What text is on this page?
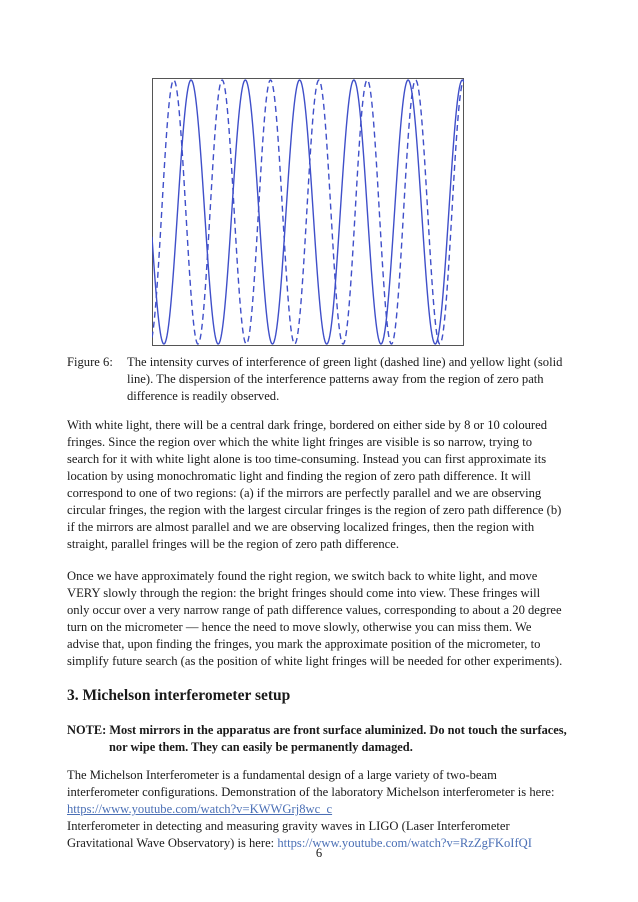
Figure 6: The intensity curves of interference of green light (dashed line) and yellow light (solid line). The dispersion of the interference patterns away from the region of zero path difference is readily observed.

With white light, there will be a central dark fringe, bordered on either side by 8 or 10 coloured fringes. Since the region over which the white light fringes are visible is so narrow, trying to search for it with white light alone is too time-consuming. Instead you can first approximate its location by using monochromatic light and finding the region of zero path difference. It will correspond to one of two regions: (a) if the mirrors are perfectly parallel and we are observing circular fringes, the region with the largest circular fringes is the region of zero path difference (b) if the mirrors are almost parallel and we are observing localized fringes, then the region with straight, parallel fringes will be the region of zero path difference.

Once we have approximately found the right region, we switch back to white light, and move VERY slowly through the region: the bright fringes should come into view. These fringes will only occur over a very narrow range of path difference values, corresponding to about a 20 degree turn on the micrometer — hence the need to move slowly, otherwise you can miss them. We advise that, upon finding the fringes, you mark the approximate position of the micrometer, to simplify future search (as the position of white light fringes will be needed for other experiments).

3. Michelson interferometer setup
NOTE: Most mirrors in the apparatus are front surface aluminized. Do not touch the surfaces,
nor wipe them. They can easily be permanently damaged.

The Michelson Interferometer is a fundamental design of a large variety of two-beam interferometer configurations. Demonstration of the laboratory Michelson interferometer is here: https://www.youtube.com/watch?v=KWWGrj8wc_c
Interferometer in detecting and measuring gravity waves in LIGO (Laser Interferometer Gravitational Wave Observatory) is here: https://www.youtube.com/watch?v=RzZgFKoIfQI

6
